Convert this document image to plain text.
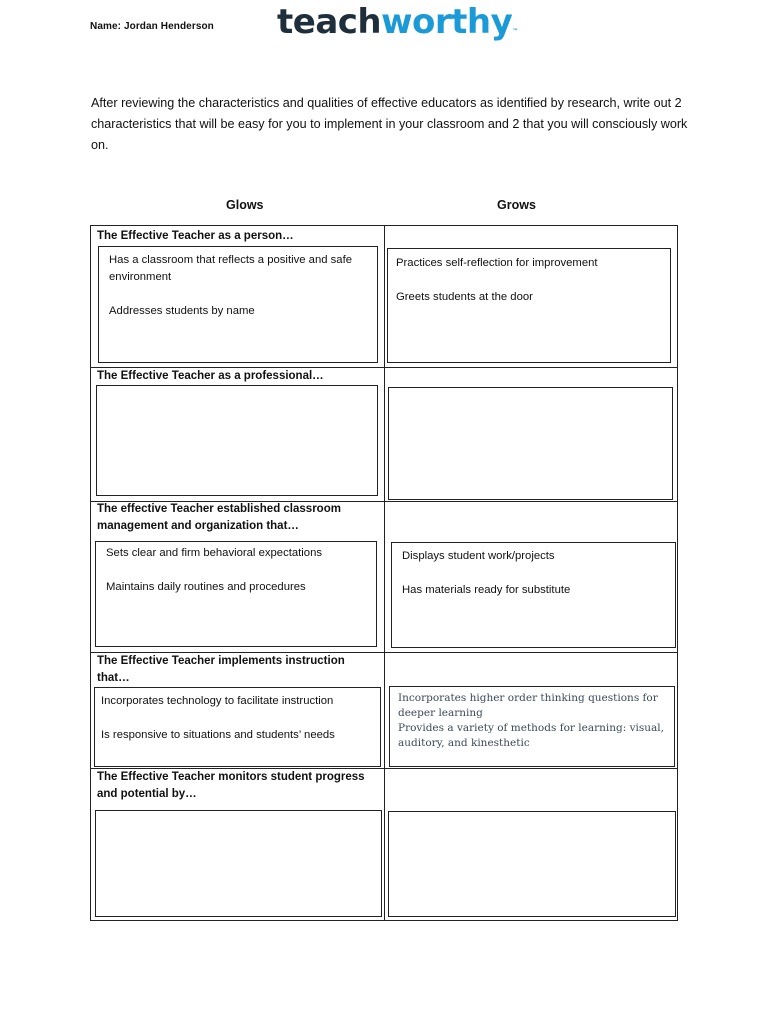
Name: Jordan Henderson teachworthy™
After reviewing the characteristics and qualities of effective educators as identified by research, write out 2 characteristics that will be easy for you to implement in your classroom and 2 that you will consciously work on.
Glows	Grows
The Effective Teacher as a person…

Has a classroom that reflects a positive and safe environment

Addresses students by name

Practices self-reflection for improvement

Greets students at the door

The Effective Teacher as a professional…
The effective Teacher established classroom management and organization that…

Sets clear and firm behavioral expectations

Maintains daily routines and procedures

Displays student work/projects

Has materials ready for substitute

The Effective Teacher implements instruction that…

Incorporates technology to facilitate instruction

Is responsive to situations and students’ needs

Incorporates higher order thinking questions for deeper learning

Provides a variety of methods for learning: visual, auditory, and kinesthetic

The Effective Teacher monitors student progress and potential by…
